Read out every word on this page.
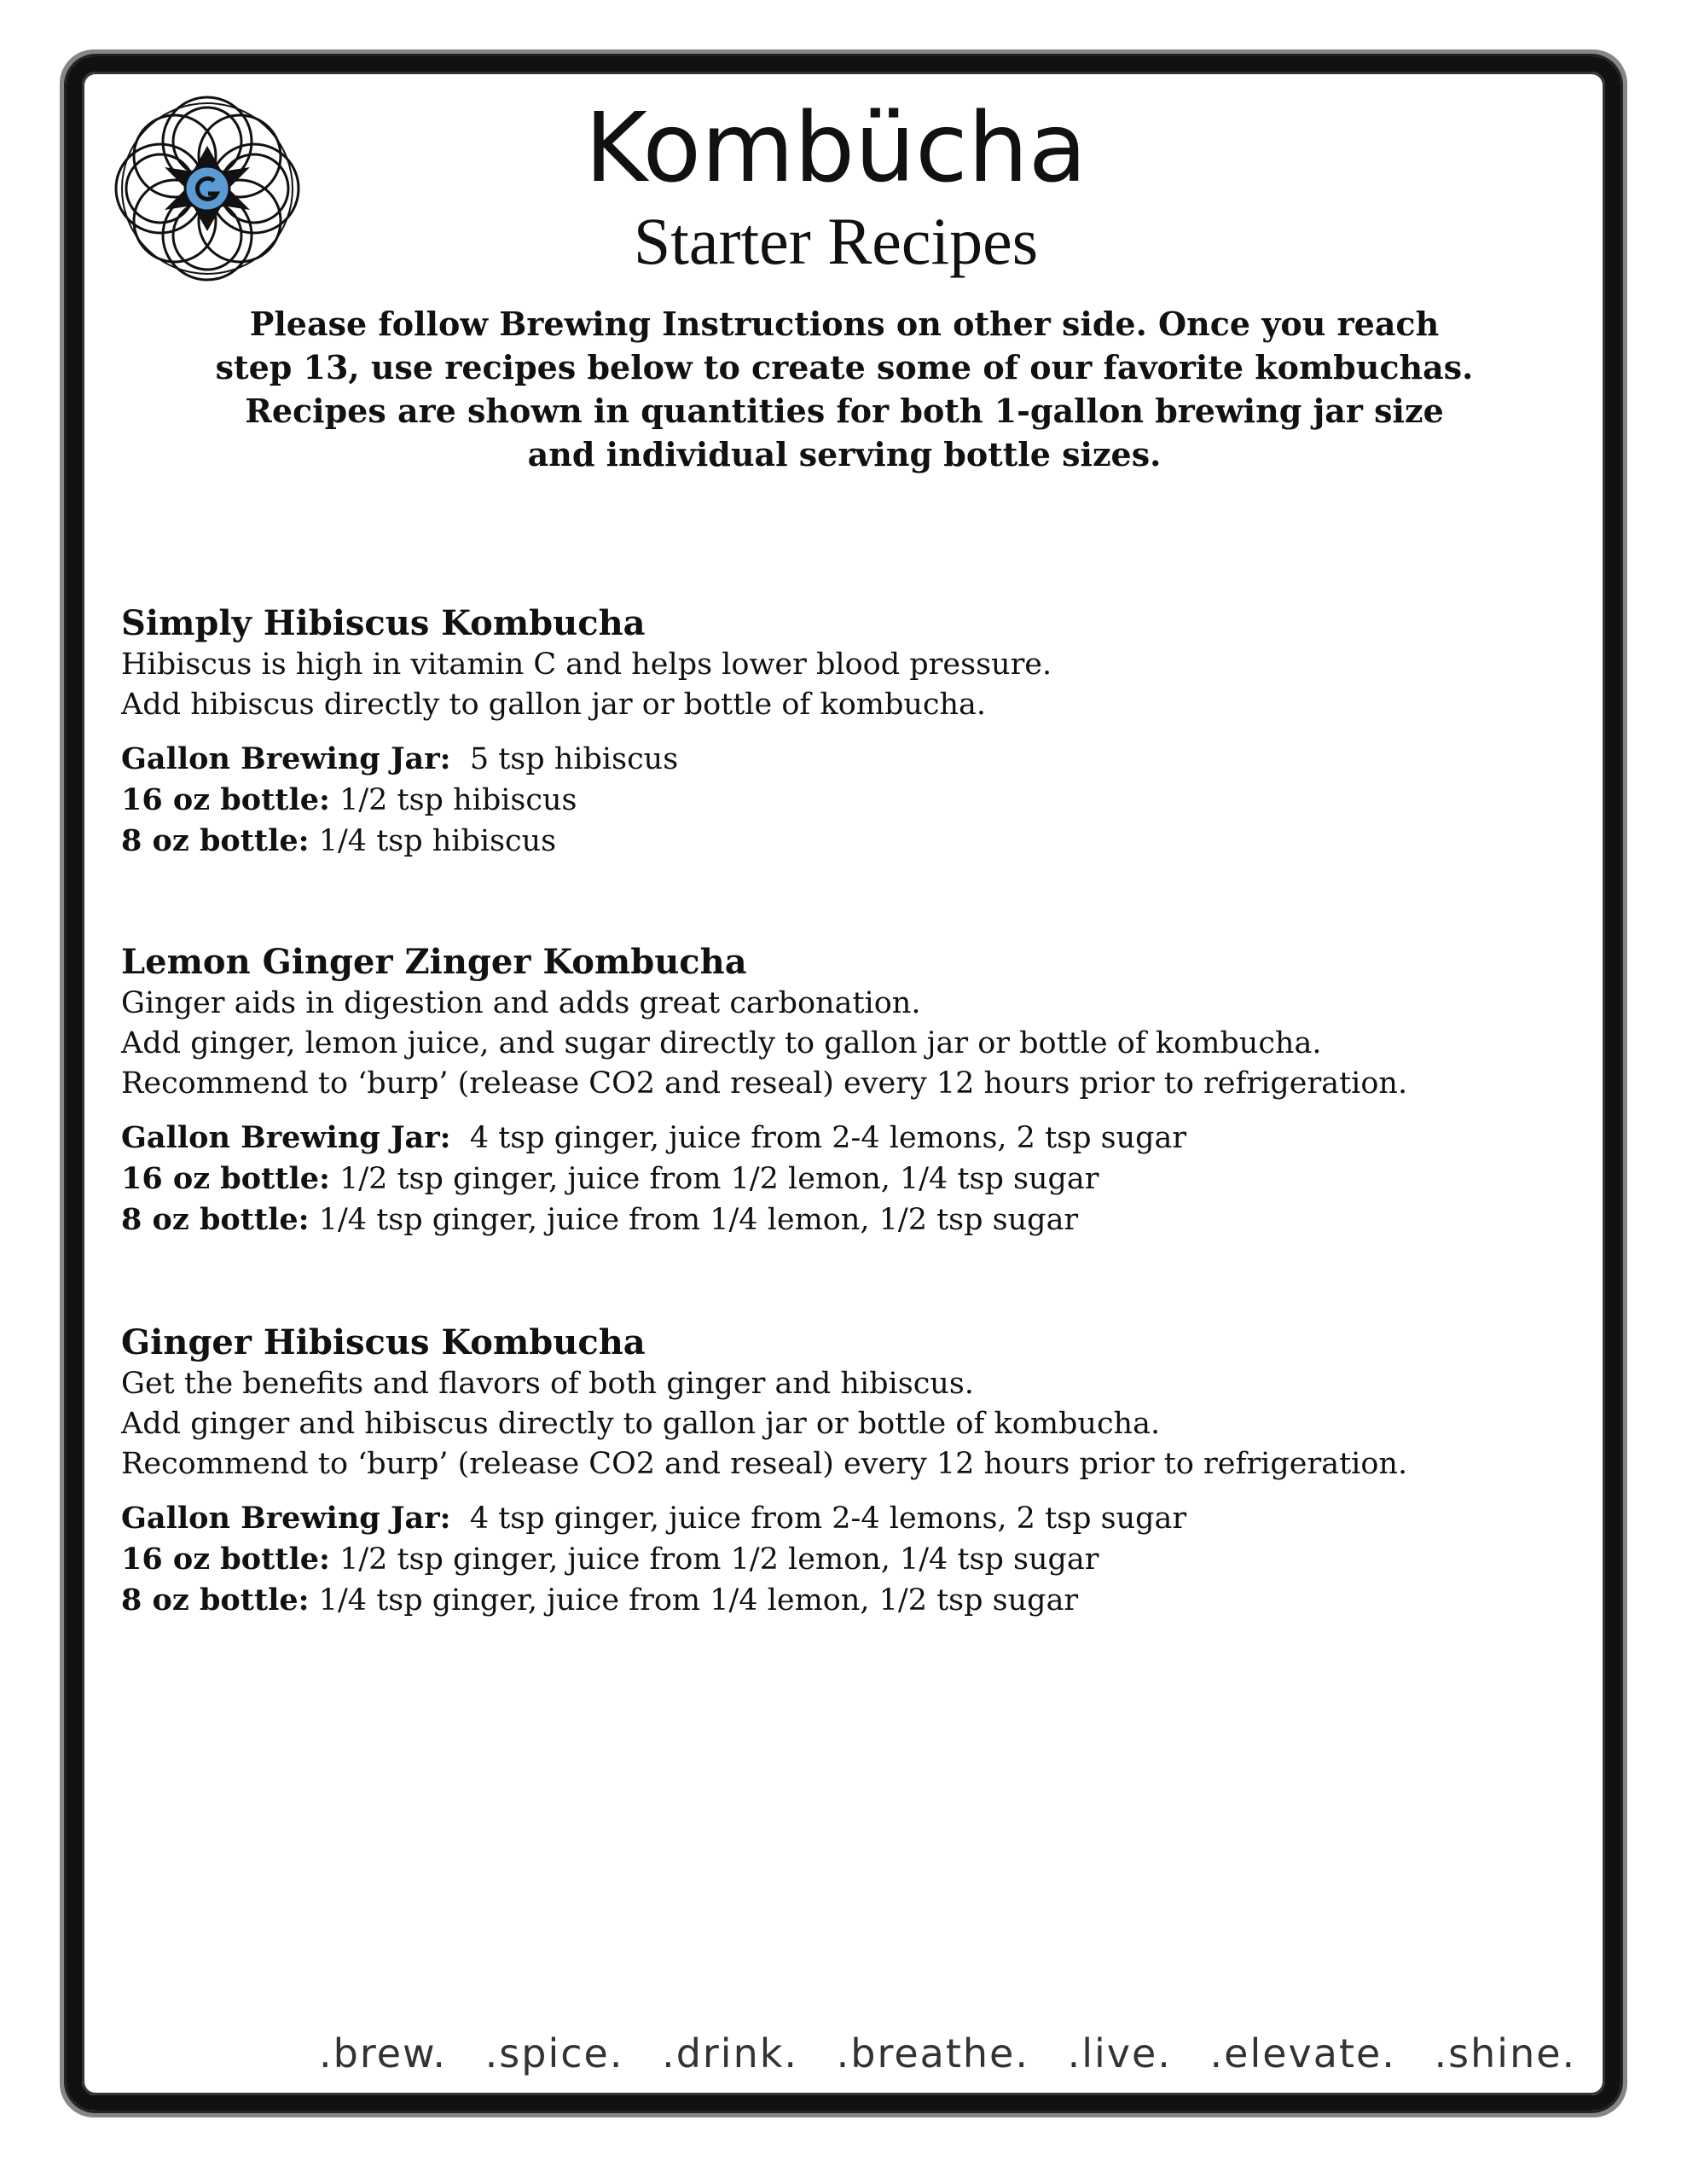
Kombücha
Starter Recipes
Please follow Brewing Instructions on other side. Once you reach
step 13, use recipes below to create some of our favorite kombuchas.
Recipes are shown in quantities for both 1-gallon brewing jar size
and individual serving bottle sizes.
Simply Hibiscus Kombucha
Hibiscus is high in vitamin C and helps lower blood pressure.
Add hibiscus directly to gallon jar or bottle of kombucha.
Gallon Brewing Jar: 5 tsp hibiscus
16 oz bottle: 1/2 tsp hibiscus
8 oz bottle: 1/4 tsp hibiscus
Lemon Ginger Zinger Kombucha
Ginger aids in digestion and adds great carbonation.
Add ginger, lemon juice, and sugar directly to gallon jar or bottle of kombucha.
Recommend to ‘burp’ (release CO2 and reseal) every 12 hours prior to refrigeration.
Gallon Brewing Jar: 4 tsp ginger, juice from 2-4 lemons, 2 tsp sugar
16 oz bottle: 1/2 tsp ginger, juice from 1/2 lemon, 1/4 tsp sugar
8 oz bottle: 1/4 tsp ginger, juice from 1/4 lemon, 1/2 tsp sugar
Ginger Hibiscus Kombucha
Get the benefits and flavors of both ginger and hibiscus.
Add ginger and hibiscus directly to gallon jar or bottle of kombucha.
Recommend to ‘burp’ (release CO2 and reseal) every 12 hours prior to refrigeration.
Gallon Brewing Jar: 4 tsp ginger, juice from 2-4 lemons, 2 tsp sugar
16 oz bottle: 1/2 tsp ginger, juice from 1/2 lemon, 1/4 tsp sugar
8 oz bottle: 1/4 tsp ginger, juice from 1/4 lemon, 1/2 tsp sugar
.brew. .spice. .drink. .breathe. .live. .elevate. .shine.
